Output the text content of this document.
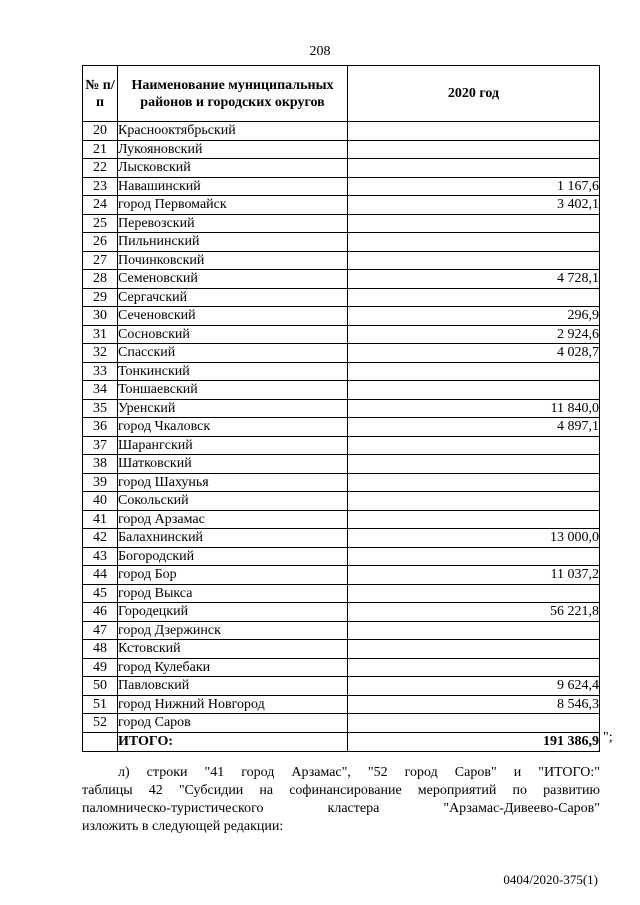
208
№ п/п	Наименование муниципальных районов и городских округов	2020 год
20	Краснооктябрьский	
21	Лукояновский	
22	Лысковский	
23	Навашинский	1 167,6
24	город Первомайск	3 402,1
25	Перевозский	
26	Пильнинский	
27	Починковский	
28	Семеновский	4 728,1
29	Сергачский	
30	Сеченовский	296,9
31	Сосновский	2 924,6
32	Спасский	4 028,7
33	Тонкинский	
34	Тоншаевский	
35	Уренский	11 840,0
36	город Чкаловск	4 897,1
37	Шарангский	
38	Шатковский	
39	город Шахунья	
40	Сокольский	
41	город Арзамас	
42	Балахнинский	13 000,0
43	Богородский	
44	город Бор	11 037,2
45	город Выкса	
46	Городецкий	56 221,8
47	город Дзержинск	
48	Кстовский	
49	город Кулебаки	
50	Павловский	9 624,4
51	город Нижний Новгород	8 546,3
52	город Саров	
	ИТОГО:	191 386,9 ";
л) строки "41 город Арзамас", "52 город Саров" и "ИТОГО:"
таблицы 42 "Субсидии на софинансирование мероприятий по развитию
паломническо-туристического кластера "Арзамас-Дивеево-Саров"
изложить в следующей редакции:
0404/2020-375(1)
